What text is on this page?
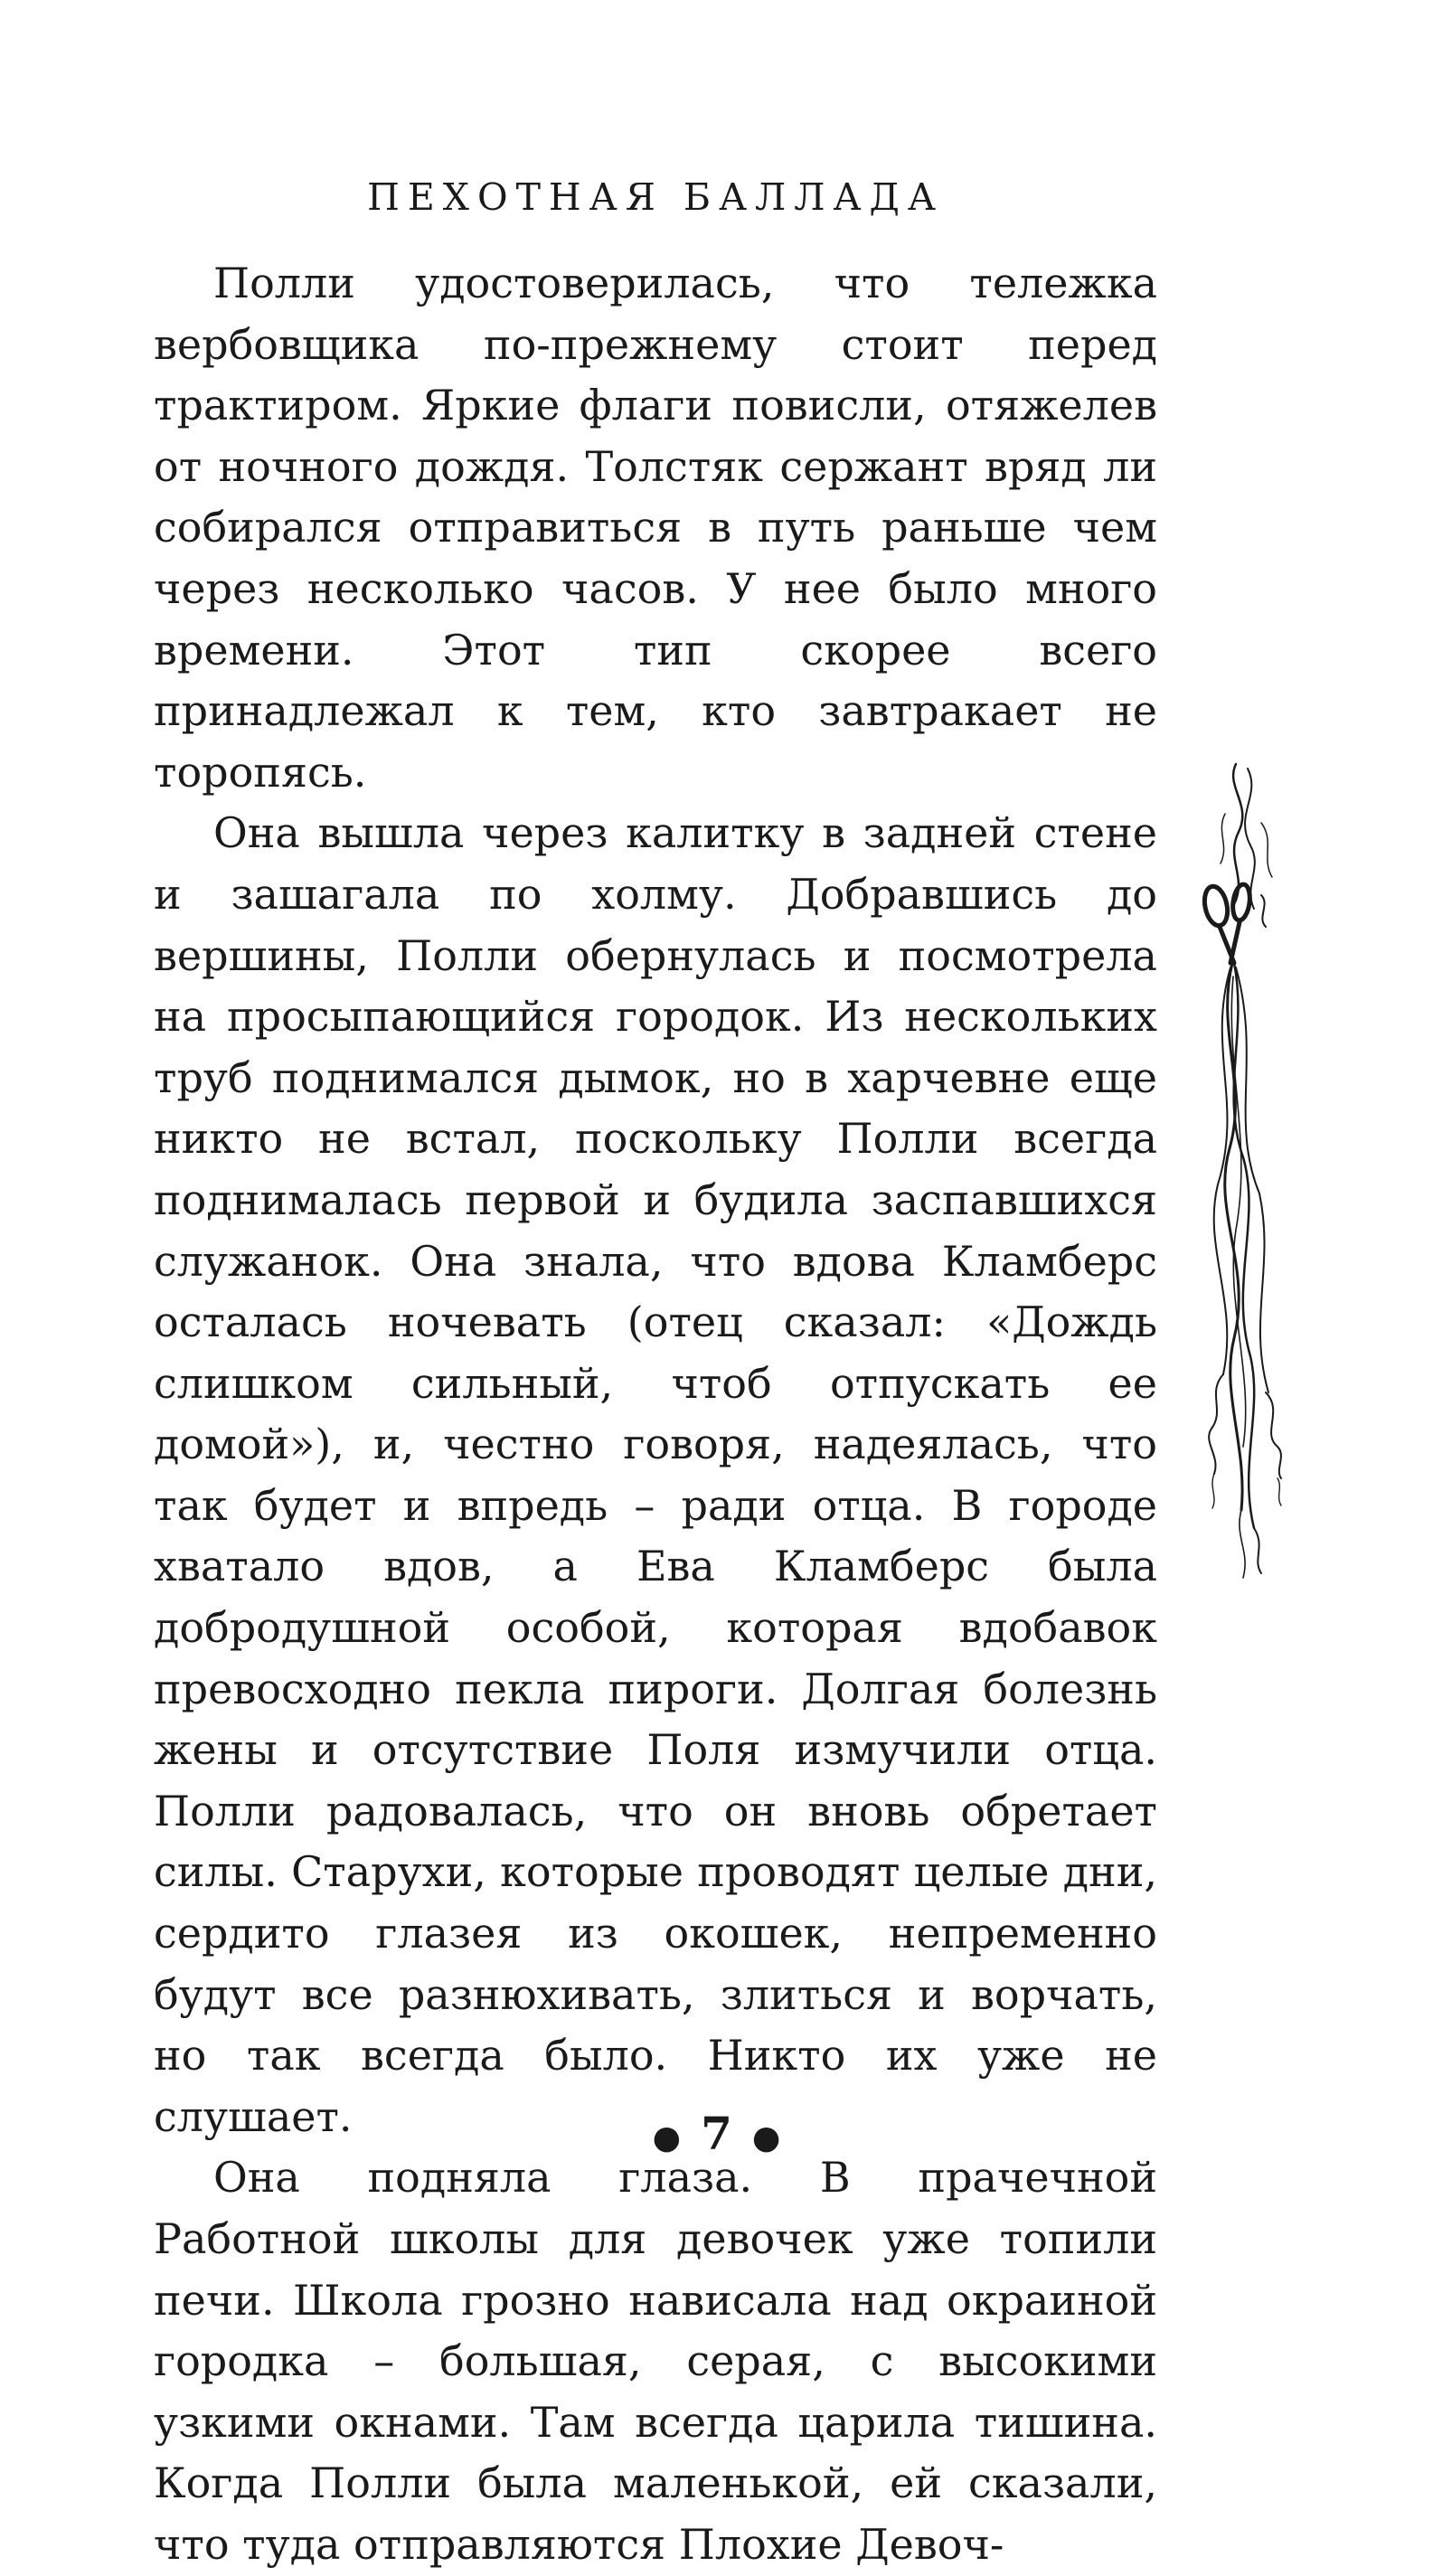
ПЕХОТНАЯ БАЛЛАДА

Полли удостоверилась, что тележка вербовщика по-прежнему стоит перед трактиром. Яркие флаги повисли, отяжелев от ночного дождя. Толстяк сержант вряд ли собирался отправиться в путь раньше чем через несколько часов. У нее было много времени. Этот тип скорее всего принадлежал к тем, кто завтракает не торопясь.

Она вышла через калитку в задней стене и зашагала по холму. Добравшись до вершины, Полли обернулась и посмотрела на просыпающийся городок. Из нескольких труб поднимался дымок, но в харчевне еще никто не встал, поскольку Полли всегда поднималась первой и будила заспавшихся служанок. Она знала, что вдова Кламберс осталась ночевать (отец сказал: «Дождь слишком сильный, чтоб отпускать ее домой»), и, честно говоря, надеялась, что так будет и впредь – ради отца. В городе хватало вдов, а Ева Кламберс была добродушной особой, которая вдобавок превосходно пекла пироги. Долгая болезнь жены и отсутствие Поля измучили отца. Полли радовалась, что он вновь обретает силы. Старухи, которые проводят целые дни, сердито глазея из окошек, непременно будут все разнюхивать, злиться и ворчать, но так всегда было. Никто их уже не слушает.

Она подняла глаза. В прачечной Работной школы для девочек уже топили печи. Школа грозно нависала над окраиной городка – большая, серая, с высокими узкими окнами. Там всегда царила тишина. Когда Полли была маленькой, ей сказали, что туда отправляются Плохие Девоч-

● 7 ●
